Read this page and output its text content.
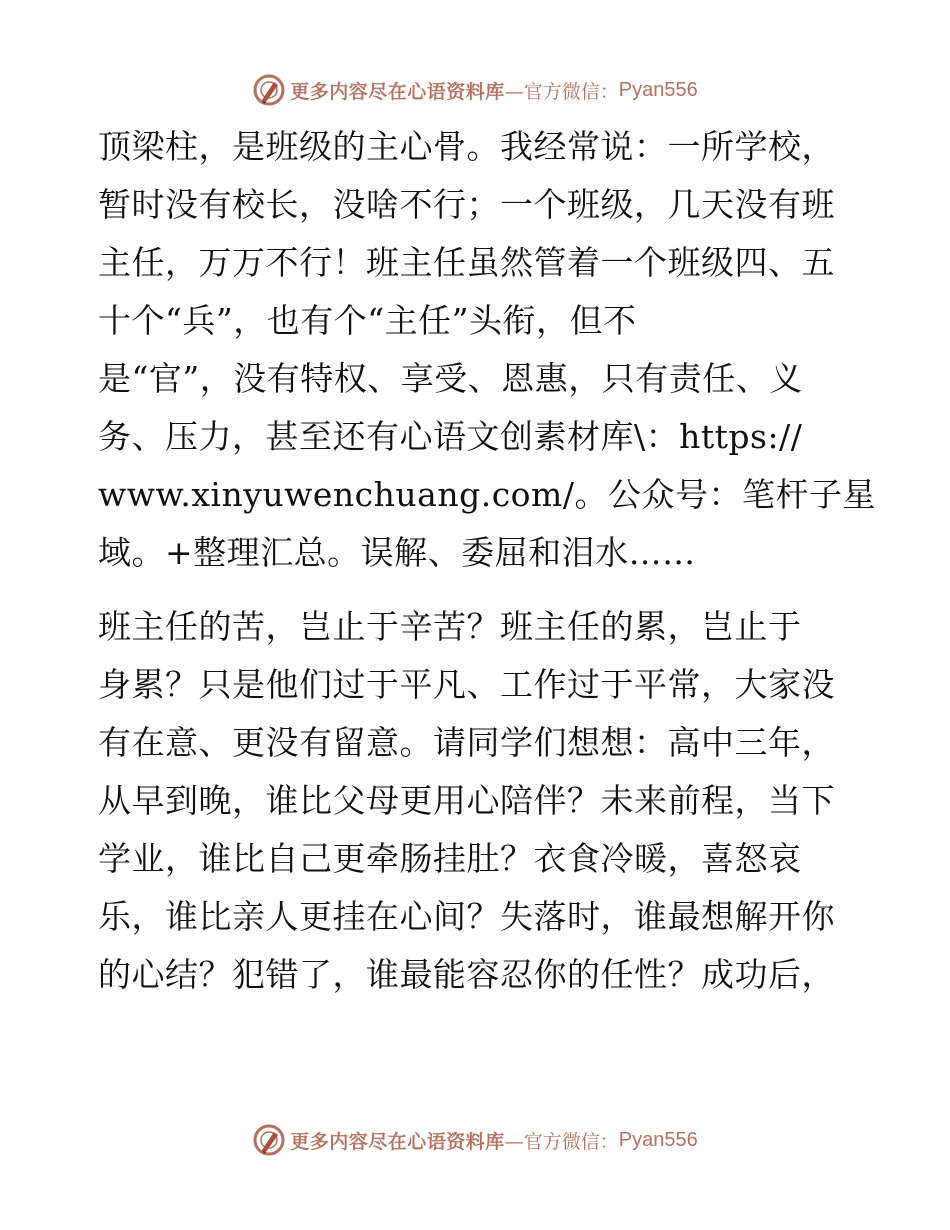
更多内容尽在心语资料库 —官方微信： Pyan556
顶梁柱，是班级的主心骨。我经常说：一所学校，
暂时没有校长，没啥不行；一个班级，几天没有班
主任，万万不行！班主任虽然管着一个班级四、五
十个“兵”，也有个“主任”头衔，但不
是“官”，没有特权、享受、恩惠，只有责任、义
务、压力，甚至还有心语文创素材库\：https://
www.xinyuwenchuang.com/。公众号：笔杆子星
域。+整理汇总。误解、委屈和泪水……
班主任的苦，岂止于辛苦？班主任的累，岂止于
身累？只是他们过于平凡、工作过于平常，大家没
有在意、更没有留意。请同学们想想：高中三年，
从早到晚，谁比父母更用心陪伴？未来前程，当下
学业，谁比自己更牵肠挂肚？衣食冷暖，喜怒哀
乐，谁比亲人更挂在心间？失落时，谁最想解开你
的心结？犯错了，谁最能容忍你的任性？成功后，
更多内容尽在心语资料库 —官方微信： Pyan556
